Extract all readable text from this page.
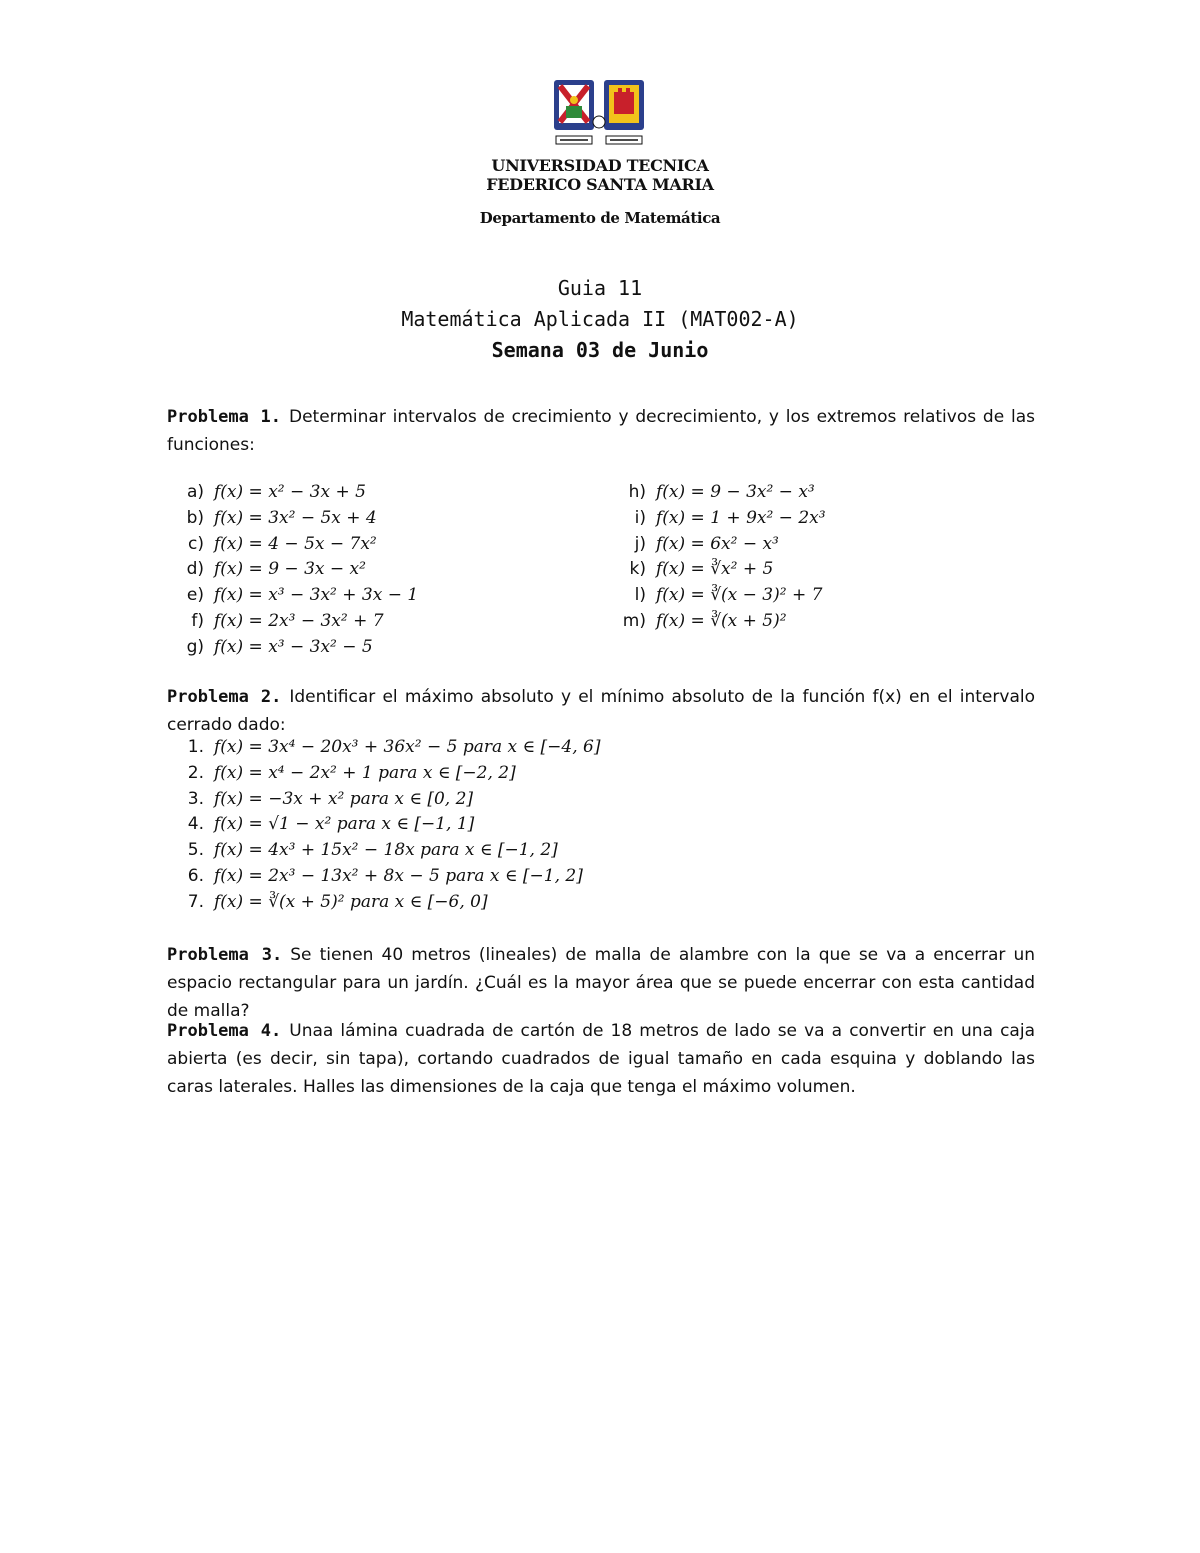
UNIVERSIDAD TECNICA
FEDERICO SANTA MARIA
Departamento de Matemática
Guia 11
Matemática Aplicada II (MAT002-A)
Semana 03 de Junio
Problema 1. Determinar intervalos de crecimiento y decrecimiento, y los extremos relativos de las funciones:
a) f(x) = x² − 3x + 5
b) f(x) = 3x² − 5x + 4
c) f(x) = 4 − 5x − 7x²
d) f(x) = 9 − 3x − x²
e) f(x) = x³ − 3x² + 3x − 1
f) f(x) = 2x³ − 3x² + 7
g) f(x) = x³ − 3x² − 5
h) f(x) = 9 − 3x² − x³
i) f(x) = 1 + 9x² − 2x³
j) f(x) = 6x² − x³
k) f(x) = ∛x² + 5
l) f(x) = ∛(x − 3)² + 7
m) f(x) = ∛(x + 5)²
Problema 2. Identificar el máximo absoluto y el mínimo absoluto de la función f(x) en el intervalo cerrado dado:
1. f(x) = 3x⁴ − 20x³ + 36x² − 5 para x ∈ [−4, 6]
2. f(x) = x⁴ − 2x² + 1 para x ∈ [−2, 2]
3. f(x) = −3x + x² para x ∈ [0, 2]
4. f(x) = √1 − x² para x ∈ [−1, 1]
5. f(x) = 4x³ + 15x² − 18x para x ∈ [−1, 2]
6. f(x) = 2x³ − 13x² + 8x − 5 para x ∈ [−1, 2]
7. f(x) = ∛(x + 5)² para x ∈ [−6, 0]
Problema 3. Se tienen 40 metros (lineales) de malla de alambre con la que se va a encerrar un espacio rectangular para un jardín. ¿Cuál es la mayor área que se puede encerrar con esta cantidad de malla?
Problema 4. Unaa lámina cuadrada de cartón de 18 metros de lado se va a convertir en una caja abierta (es decir, sin tapa), cortando cuadrados de igual tamaño en cada esquina y doblando las caras laterales. Halles las dimensiones de la caja que tenga el máximo volumen.
